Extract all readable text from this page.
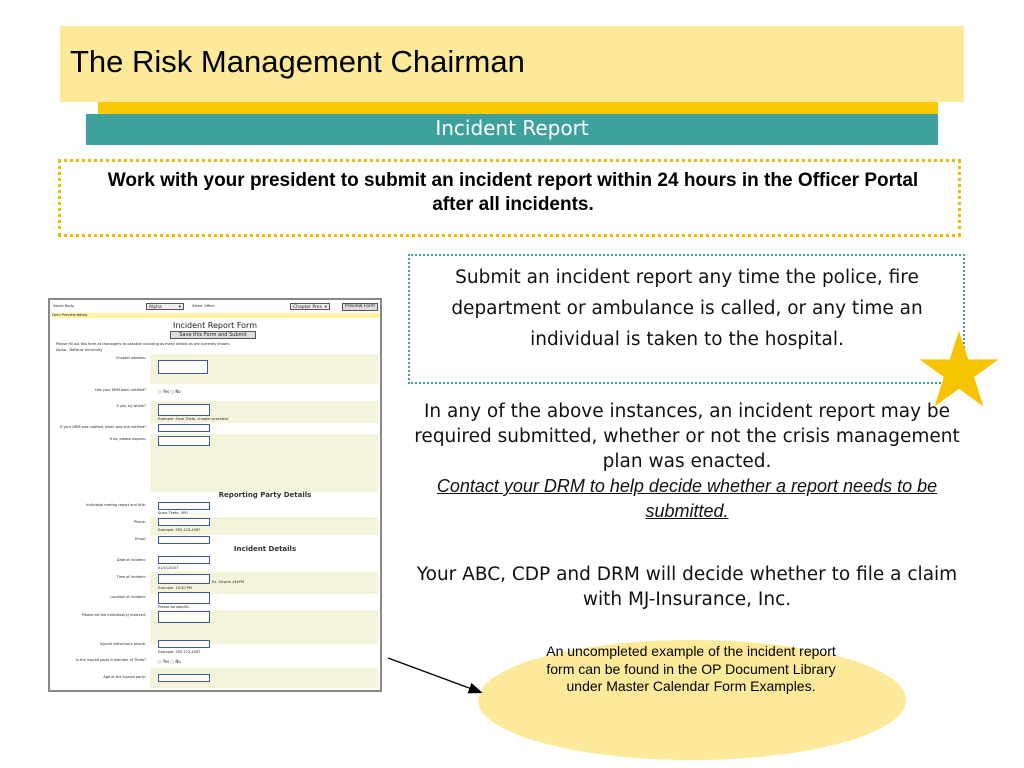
The Risk Management Chairman
Incident Report
Work with your president to submit an incident report within 24 hours in the Officer Portal after all incidents.
Submit an incident report any time the police, fire department or ambulance is called, or any time an individual is taken to the hospital.
In any of the above instances, an incident report may be required submitted, whether or not the crisis management plan was enacted.
Contact your DRM to help decide whether a report needs to be submitted.
Your ABC, CDP and DRM will decide whether to file a claim with MJ-Insurance, Inc.
An uncompleted example of the incident report form can be found in the OP Document Library under Master Calendar Form Examples.
Select Body:	Alpha	▾	Select Office:	Chapter Pres ▾	Preview Form
Form Preview Below
Incident Report Form
Save this Form and Submit
Please fill out this form as thoroughly as possible including as many details as are currently known.
Alpha - DePauw University
Chapter address:
Has your DRM been notified?	○ Yes ○ No
If yes, by whom?
Example: Save Theta, chapter president
If your DRM was notified, when was she notified?
If no, please explain:
Reporting Party Details
Individual making report and title:
Susie Theta, VPO
Phone:
Example: 555-123-4567
Email:
Incident Details
Date of incident:
01/01/2007
Time of incident:
Ex. 00:ptm AM/PM
Example: 10:30 PM
Location of incident:
Please be specific.
Please list the individual(s) involved:
Injured individual's phone:
Example: 555-123-4567
Is the injured party a member of Theta?	○ Yes ○ No
Age of the injured party:
